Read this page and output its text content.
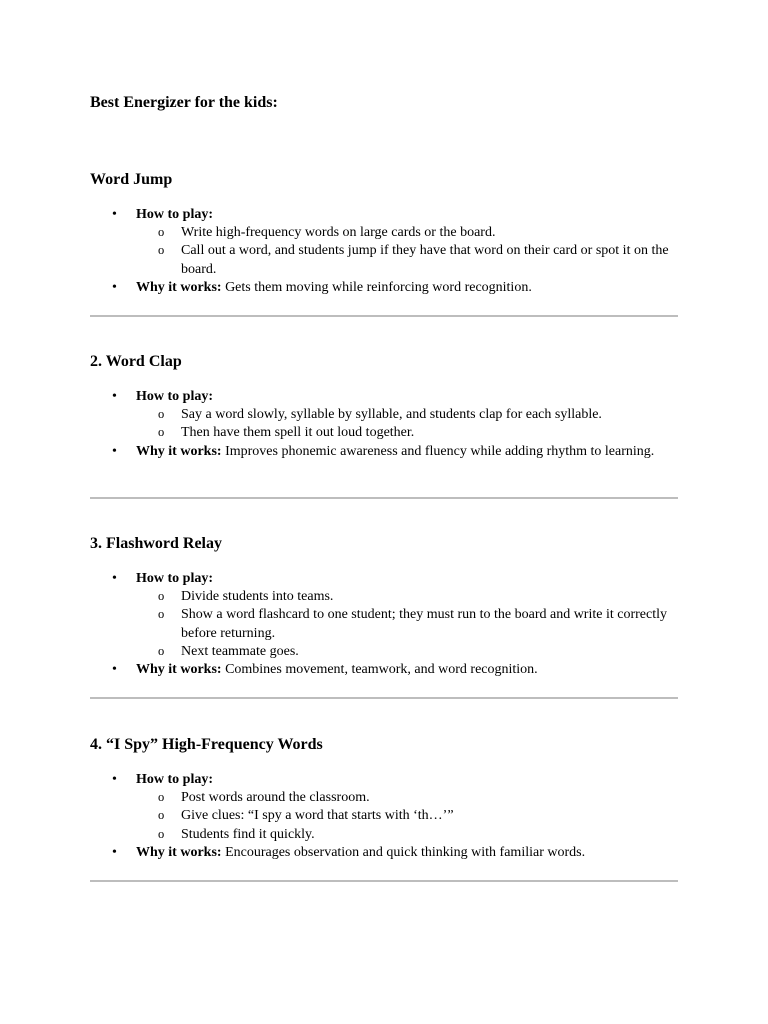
Best Energizer for the kids:
Word Jump
• How to play:
o Write high-frequency words on large cards or the board.
o Call out a word, and students jump if they have that word on their card or spot it on the board.
• Why it works: Gets them moving while reinforcing word recognition.
2. Word Clap
• How to play:
o Say a word slowly, syllable by syllable, and students clap for each syllable.
o Then have them spell it out loud together.
• Why it works: Improves phonemic awareness and fluency while adding rhythm to learning.
3. Flashword Relay
• How to play:
o Divide students into teams.
o Show a word flashcard to one student; they must run to the board and write it correctly before returning.
o Next teammate goes.
• Why it works: Combines movement, teamwork, and word recognition.
4. “I Spy” High-Frequency Words
• How to play:
o Post words around the classroom.
o Give clues: “I spy a word that starts with ‘th…’”
o Students find it quickly.
• Why it works: Encourages observation and quick thinking with familiar words.
